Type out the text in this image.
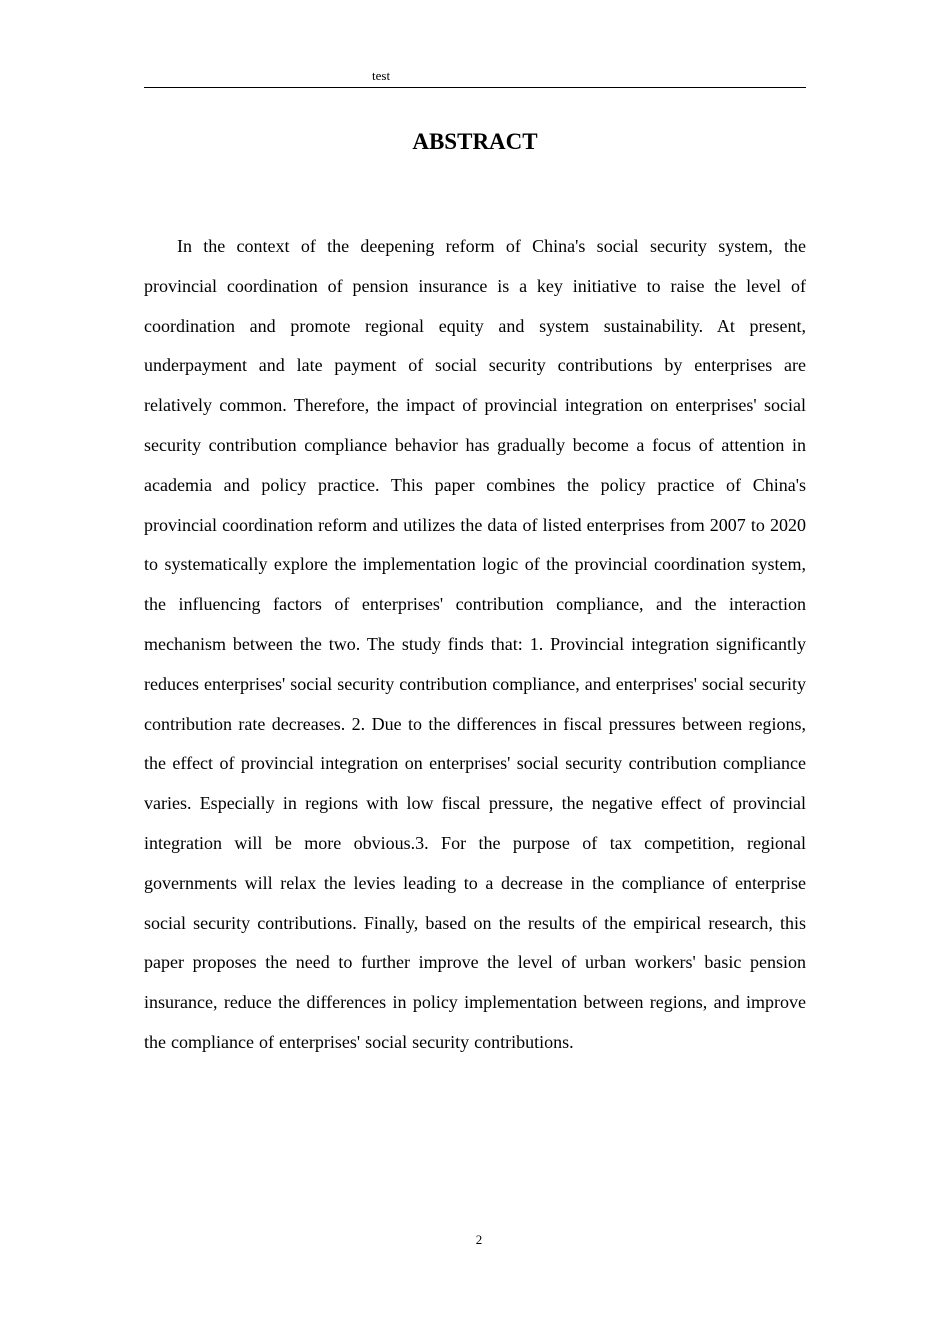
test
ABSTRACT

In the context of the deepening reform of China's social security system, the provincial coordination of pension insurance is a key initiative to raise the level of coordination and promote regional equity and system sustainability. At present, underpayment and late payment of social security contributions by enterprises are relatively common. Therefore, the impact of provincial integration on enterprises' social security contribution compliance behavior has gradually become a focus of attention in academia and policy practice. This paper combines the policy practice of China's provincial coordination reform and utilizes the data of listed enterprises from 2007 to 2020 to systematically explore the implementation logic of the provincial coordination system, the influencing factors of enterprises' contribution compliance, and the interaction mechanism between the two. The study finds that: 1. Provincial integration significantly reduces enterprises' social security contribution compliance, and enterprises' social security contribution rate decreases. 2. Due to the differences in fiscal pressures between regions, the effect of provincial integration on enterprises' social security contribution compliance varies. Especially in regions with low fiscal pressure, the negative effect of provincial integration will be more obvious.3. For the purpose of tax competition, regional governments will relax the levies leading to a decrease in the compliance of enterprise social security contributions. Finally, based on the results of the empirical research, this paper proposes the need to further improve the level of urban workers' basic pension insurance, reduce the differences in policy implementation between regions, and improve the compliance of enterprises' social security contributions.

2
